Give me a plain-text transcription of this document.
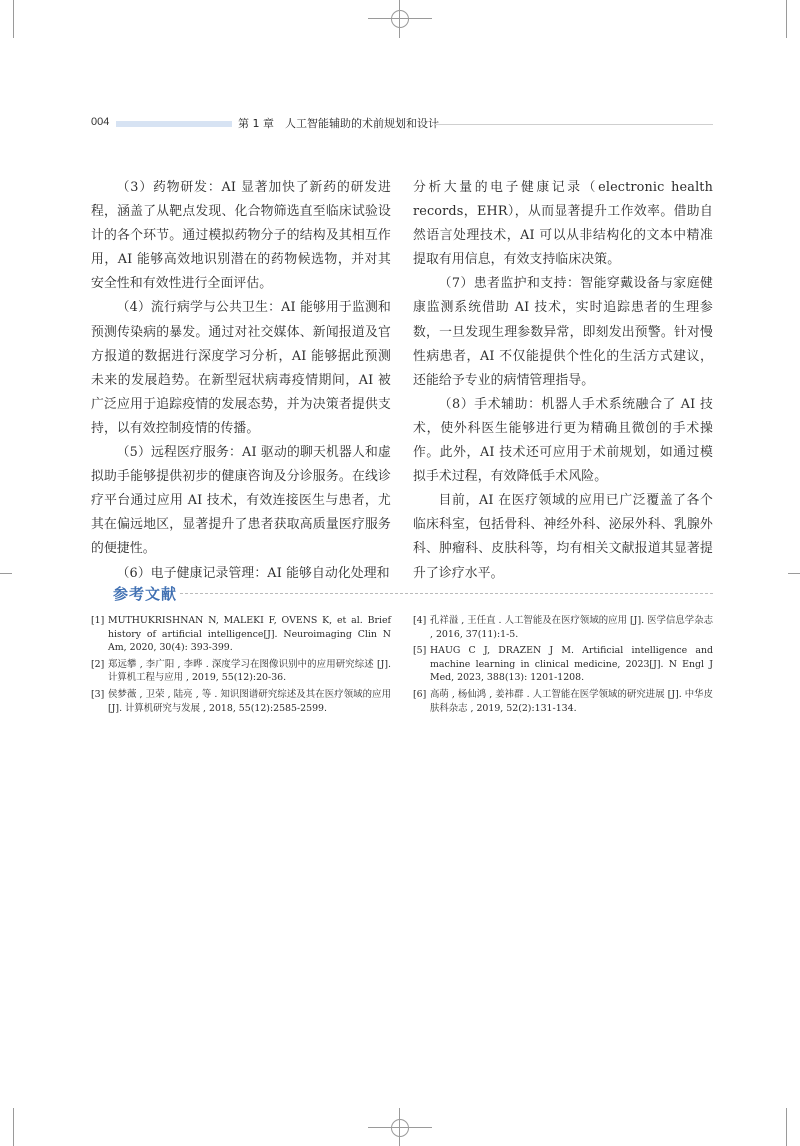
004	第 1 章　人工智能辅助的术前规划和设计

（3）药物研发：AI 显著加快了新药的研发进程，涵盖了从靶点发现、化合物筛选直至临床试验设计的各个环节。通过模拟药物分子的结构及其相互作用，AI 能够高效地识别潜在的药物候选物，并对其安全性和有效性进行全面评估。

（4）流行病学与公共卫生：AI 能够用于监测和预测传染病的暴发。通过对社交媒体、新闻报道及官方报道的数据进行深度学习分析，AI 能够据此预测未来的发展趋势。在新型冠状病毒疫情期间，AI 被广泛应用于追踪疫情的发展态势，并为决策者提供支持，以有效控制疫情的传播。

（5）远程医疗服务：AI 驱动的聊天机器人和虚拟助手能够提供初步的健康咨询及分诊服务。在线诊疗平台通过应用 AI 技术，有效连接医生与患者，尤其在偏远地区，显著提升了患者获取高质量医疗服务的便捷性。

（6）电子健康记录管理：AI 能够自动化处理和

分析大量的电子健康记录（electronic health records，EHR），从而显著提升工作效率。借助自然语言处理技术，AI 可以从非结构化的文本中精准提取有用信息，有效支持临床决策。

（7）患者监护和支持：智能穿戴设备与家庭健康监测系统借助 AI 技术，实时追踪患者的生理参数，一旦发现生理参数异常，即刻发出预警。针对慢性病患者，AI 不仅能提供个性化的生活方式建议，还能给予专业的病情管理指导。

（8）手术辅助：机器人手术系统融合了 AI 技术，使外科医生能够进行更为精确且微创的手术操作。此外，AI 技术还可应用于术前规划，如通过模拟手术过程，有效降低手术风险。

目前，AI 在医疗领域的应用已广泛覆盖了各个临床科室，包括骨科、神经外科、泌尿外科、乳腺外科、肿瘤科、皮肤科等，均有相关文献报道其显著提升了诊疗水平。

参考文献
[1] MUTHUKRISHNAN N, MALEKI F, OVENS K, et al. Brief history of artificial intelligence[J]. Neuroimaging Clin N Am, 2020, 30(4): 393-399.
[2] 郑远攀 , 李广阳 , 李晔 . 深度学习在图像识别中的应用研究综述 [J]. 计算机工程与应用 , 2019, 55(12):20-36.
[3] 侯梦薇 , 卫荣 , 陆亮 , 等 . 知识图谱研究综述及其在医疗领域的应用 [J]. 计算机研究与发展 , 2018, 55(12):2585-2599.
[4] 孔祥溢 , 王任直 . 人工智能及在医疗领域的应用 [J]. 医学信息学杂志 , 2016, 37(11):1-5.
[5] HAUG C J, DRAZEN J M. Artificial intelligence and machine learning in clinical medicine, 2023[J]. N Engl J Med, 2023, 388(13): 1201-1208.
[6] 高萌 , 杨仙鸿 , 姜祎群 . 人工智能在医学领域的研究进展 [J]. 中华皮肤科杂志 , 2019, 52(2):131-134.
